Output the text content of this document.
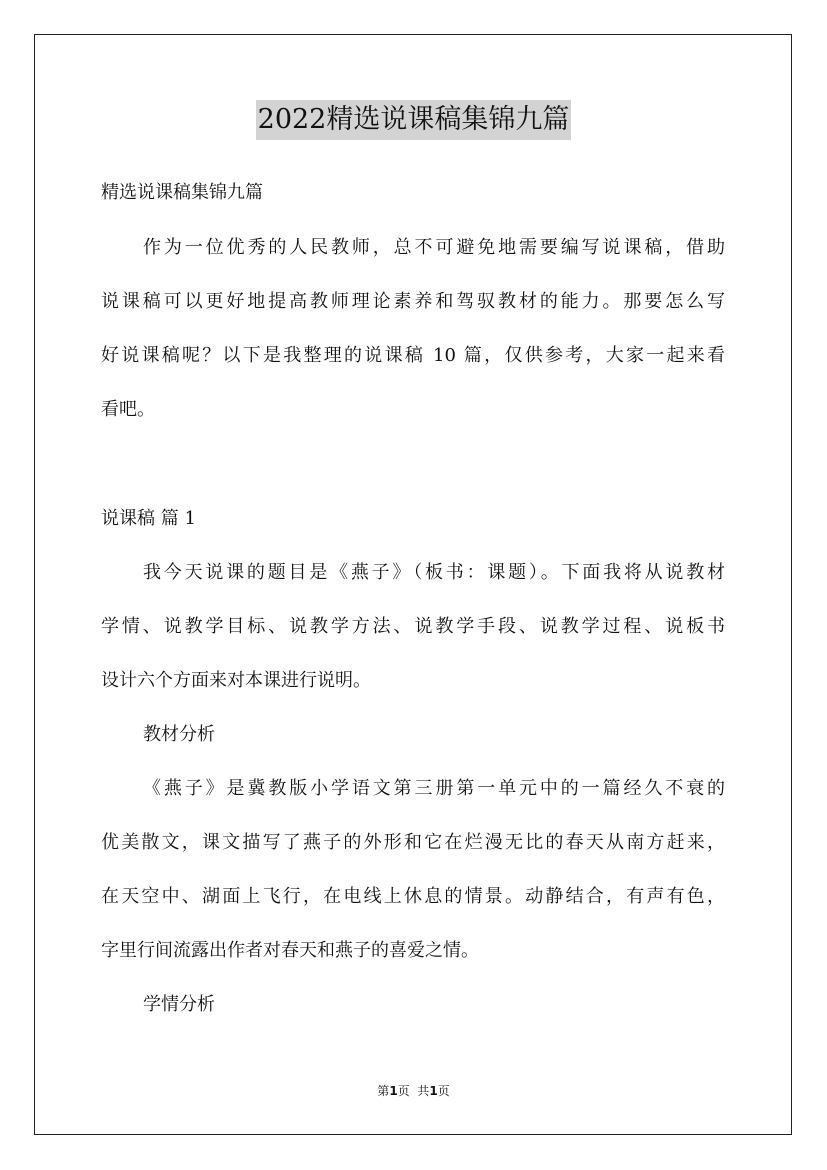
2022精选说课稿集锦九篇
精选说课稿集锦九篇
作为一位优秀的人民教师，总不可避免地需要编写说课稿，借助
说课稿可以更好地提高教师理论素养和驾驭教材的能力。那要怎么写
好说课稿呢？以下是我整理的说课稿 10 篇，仅供参考，大家一起来看
看吧。
说课稿 篇 1
我今天说课的题目是《燕子》（板书：课题）。下面我将从说教材
学情、说教学目标、说教学方法、说教学手段、说教学过程、说板书
设计六个方面来对本课进行说明。
教材分析
《燕子》是冀教版小学语文第三册第一单元中的一篇经久不衰的
优美散文，课文描写了燕子的外形和它在烂漫无比的春天从南方赶来，
在天空中、湖面上飞行，在电线上休息的情景。动静结合，有声有色，
字里行间流露出作者对春天和燕子的喜爱之情。
学情分析
第1页  共1页
